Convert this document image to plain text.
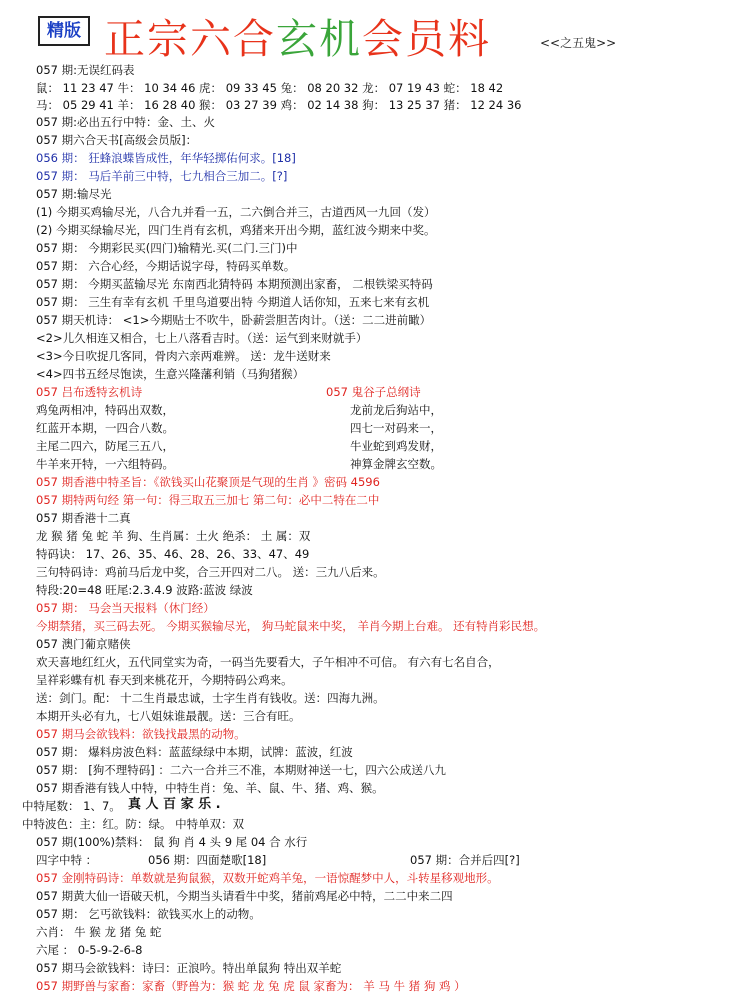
精版 正宗六合玄机会员料	<<之五鬼>>
057 期:无误红码表
鼠： 11 23 47 牛： 10 34 46 虎： 09 33 45 兔： 08 20 32 龙： 07 19 43 蛇： 18 42
马： 05 29 41 羊： 16 28 40 猴： 03 27 39 鸡： 02 14 38 狗： 13 25 37 猪： 12 24 36
057 期:必出五行中特：金、土、火
057 期六合天书[高级会员版]：
056 期： 狂蜂浪蝶皆成性，年华轻掷佑何求。[18]
057 期： 马后羊前三中特，七九相合三加二。[?]
057 期:输尽光
(1) 今期买鸡输尽光，八合九并看一五，二六倒合并三，古道西风一九回（发）
(2) 今期买绿输尽光，四门生肖有玄机，鸡猪来开出今期，蓝红波今期来中奖。
057 期： 今期彩民买(四门)输精光.买(二门.三门)中
057 期： 六合心经，今期话说字母，特码买单数。
057 期： 今期买蓝输尽光 东南西北猜特码 本期预测出家畜， 二根铁梁买特码
057 期： 三生有幸有玄机 千里鸟道要出特 今期道人话你知，五来七来有玄机
057 期天机诗： <1>今期贴士不吹牛，卧薪尝胆苦肉计。（送：二二进前瞰）
<2>儿久相连又相合，七上八落看吉时。（送：运气到来财就手）
<3>今日吹捉几客同，骨肉六亲两难辨。 送：龙牛送财来
<4>四书五经尽饱读，生意兴隆藩利销（马狗猪猴）
057 吕布透特玄机诗	057 鬼谷子总纲诗
鸡兔两相冲，特码出双数，	龙前龙后狗站中，
红蓝开本期，一四合八数。	四七一对码来一，
主尾二四六，防尾三五八，	牛业蛇到鸡发财，
牛羊来开特，一六组特码。	神算金牌玄空数。
057 期香港中特圣旨：《欲钱买山花聚顶是气现的生肖 》密码 4596
057 期特两句经 第一句：得三取五三加七 第二句：必中二特在二中
057 期香港十二真
龙 猴 猪 兔 蛇 羊 狗、生肖属：土火 绝杀： 土 属：双
特码诀： 17、26、35、46、28、26、33、47、49
三句特码诗：鸡前马后龙中奖，合三开四对二八。 送：三九八后来。
特段:20=48 旺尾:2.3.4.9 波路:蓝波 绿波
057 期： 马会当天报料（休门经）
今期禁猪，买三码去死。 今期买猴输尽光， 狗马蛇鼠来中奖， 羊肖今期上台难。 还有特肖彩民想。
057 澳门葡京赌侠
欢天喜地红红火，五代同堂实为奇，一码当先要看大，子午相冲不可信。 有六有七名自合，
呈祥彩蝶有机 春天到来桃花开，今期特码公鸡来。
送：剑门。配： 十二生肖最忠诚，士字生肖有钱收。送：四海九洲。
本期开头必有九，七八姐妹谁最靓。送：三合有旺。
057 期马会欲钱料：欲钱找最黑的动物。
057 期： 爆料房波色料：蓝蓝绿绿中本期，试牌：蓝波，红波
057 期： [狗不理特码] ：二六一合并三不准，本期财神送一七，四六公成送八九
057 期香港有钱人中特，中特生肖：兔、羊、鼠、牛、猪、鸡、猴。
中特尾数： 1、7。 真 人 百 家 乐 .
中特波色：主：红。防：绿。 中特单双：双
057 期(100%)禁料： 鼠 狗 肖 4 头 9 尾 04 合 水行
四字中特 ：	056 期：四面楚歌[18]	057 期：合并后四[?]
057 金刚特码诗：单数就是狗鼠猴，双数开蛇鸡羊兔，一语惊醒梦中人，斗转星移观地形。
057 期黄大仙一语破天机，今期当头请看牛中奖，猪前鸡尾必中特，二二中来二四
057 期： 乞丐欲钱料：欲钱买水上的动物。
六肖： 牛 猴 龙 猪 兔 蛇
六尾 ： 0-5-9-2-6-8
057 期马会欲钱料：诗曰：正浪吟。特出单鼠狗 特出双羊蛇
057 期野兽与家畜：家畜（野兽为：猴 蛇 龙 兔 虎 鼠 家畜为： 羊 马 牛 猪 狗 鸡 ）
